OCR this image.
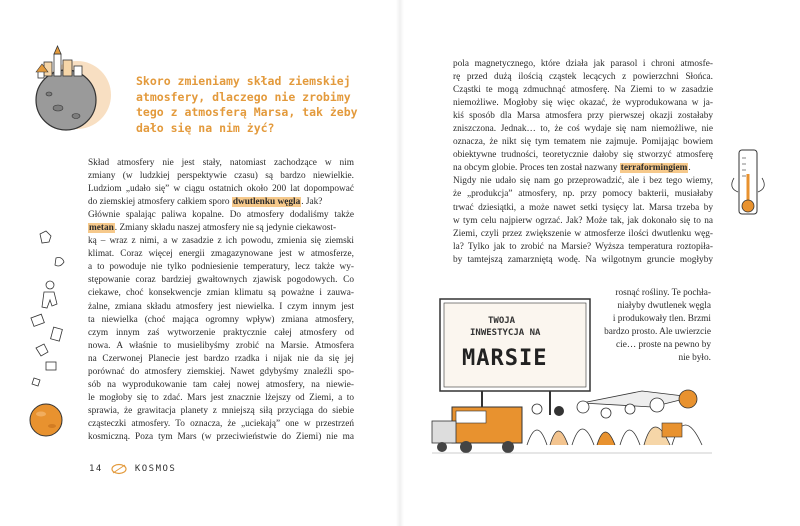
Skoro zmieniamy skład ziemskiej atmosfery, dlaczego nie zrobimy tego z atmosferą Marsa, tak żeby dało się na nim żyć?

Skład atmosfery nie jest stały, natomiast zachodzące w nim
zmiany (w ludzkiej perspektywie czasu) są bardzo niewielkie.
Ludziom „udało się” w ciągu ostatnich około 200 lat dopompować
do ziemskiej atmosfery całkiem sporo dwutlenku węgla. Jak?
Głównie spalając paliwa kopalne. Do atmosfery dodaliśmy także
metan. Zmiany składu naszej atmosfery nie są jedynie ciekawost-
ką – wraz z nimi, a w zasadzie z ich powodu, zmienia się ziemski
klimat. Coraz więcej energii zmagazynowane jest w atmosferze,
a to powoduje nie tylko podniesienie temperatury, lecz także wy-
stępowanie coraz bardziej gwałtownych zjawisk pogodowych. Co
ciekawe, choć konsekwencje zmian klimatu są poważne i zauwa-
żalne, zmiana składu atmosfery jest niewielka. I czym innym jest
ta niewielka (choć mająca ogromny wpływ) zmiana atmosfery,
czym innym zaś wytworzenie praktycznie całej atmosfery od
nowa. A właśnie to musielibyśmy zrobić na Marsie. Atmosfera
na Czerwonej Planecie jest bardzo rzadka i nijak nie da się jej
porównać do atmosfery ziemskiej. Nawet gdybyśmy znaleźli spo-
sób na wyprodukowanie tam całej nowej atmosfery, na niewie-
le mogłoby się to zdać. Mars jest znacznie lżejszy od Ziemi, a to
sprawia, że grawitacja planety z mniejszą siłą przyciąga do siebie
cząsteczki atmosfery. To oznacza, że „uciekają” one w przestrzeń
kosmiczną. Poza tym Mars (w przeciwieństwie do Ziemi) nie ma
14	KOSMOS
pola magnetycznego, które działa jak parasol i chroni atmosfe-
rę przed dużą ilością cząstek lecących z powierzchni Słońca.
Cząstki te mogą zdmuchnąć atmosferę. Na Ziemi to w zasadzie
niemożliwe. Mogłoby się więc okazać, że wyprodukowana w ja-
kiś sposób dla Marsa atmosfera przy pierwszej okazji zostałaby
zniszczona. Jednak… to, że coś wydaje się nam niemożliwe, nie
oznacza, że nikt się tym tematem nie zajmuje. Pomijając bowiem
obiektywne trudności, teoretycznie dałoby się stworzyć atmosferę
na obcym globie. Proces ten został nazwany terraformingiem.
Nigdy nie udało się nam go przeprowadzić, ale i bez tego wiemy,
że „produkcja” atmosfery, np. przy pomocy bakterii, musiałaby
trwać dziesiątki, a może nawet setki tysięcy lat. Marsa trzeba by
w tym celu najpierw ogrzać. Jak? Może tak, jak dokonało się to na
Ziemi, czyli przez zwiększenie w atmosferze ilości dwutlenku węg-
la? Tylko jak to zrobić na Marsie? Wyższa temperatura roztopiła-
by tamtejszą zamarzniętą wodę. Na wilgotnym gruncie mogłyby
rosnąć rośliny. Te pochła-
niałyby dwutlenek węgla
i produkowały tlen. Brzmi
bardzo prosto. Ale uwierzcie
cie… proste na pewno by
nie było.
TWOJA
INWESTYCJA NA
MARSIE
